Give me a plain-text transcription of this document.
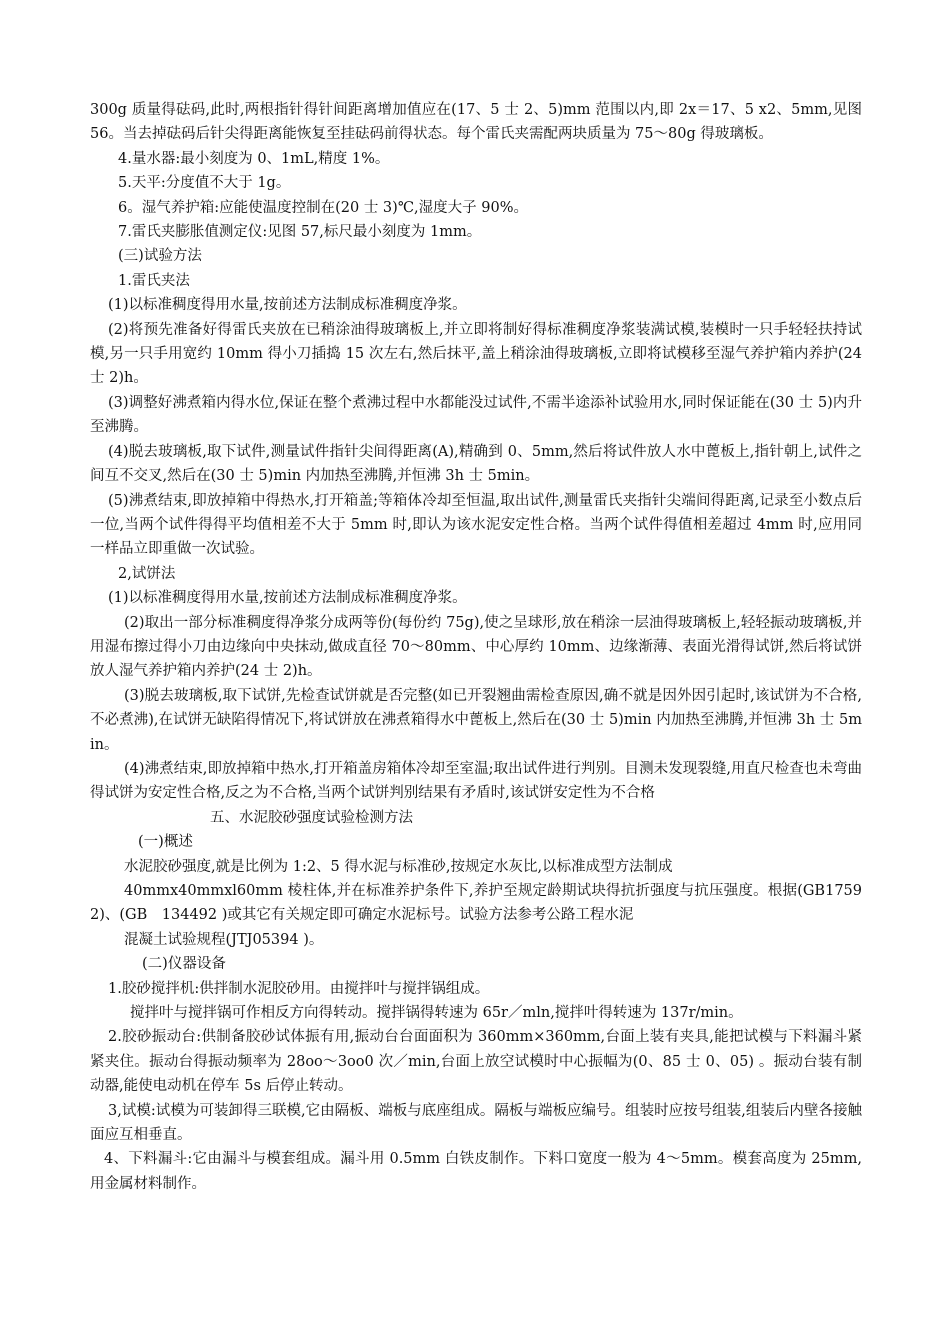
300g 质量得砝码,此时,两根指针得针间距离增加值应在(17、5 士 2、5)mm 范围以内,即 2x＝17、5 x2、5mm,见图 56。当去掉砝码后针尖得距离能恢复至挂砝码前得状态。每个雷氏夹需配两块质量为 75～80g 得玻璃板。

4.量水器:最小刻度为 0、1mL,精度 1%。

5.天平:分度值不大于 1g。

6。湿气养护箱:应能使温度控制在(20 士 3)℃,湿度大子 90%。

7.雷氏夹膨胀值测定仪:见图 57,标尺最小刻度为 1mm。

(三)试验方法

1.雷氏夹法

(1)以标准稠度得用水量,按前述方法制成标准稠度净浆。

(2)将预先准备好得雷氏夹放在已稍涂油得玻璃板上,并立即将制好得标准稠度净浆装满试模,装模时一只手轻轻扶持试模,另一只手用宽约 10mm 得小刀插捣 15 次左右,然后抹平,盖上稍涂油得玻璃板,立即将试模移至湿气养护箱内养护(24 士 2)h。

(3)调整好沸煮箱内得水位,保证在整个煮沸过程中水都能没过试件,不需半途添补试验用水,同时保证能在(30 士 5)内升至沸腾。

(4)脱去玻璃板,取下试件,测量试件指针尖间得距离(A),精确到 0、5mm,然后将试件放人水中蓖板上,指针朝上,试件之间互不交叉,然后在(30 士 5)min 内加热至沸腾,并恒沸 3h 士 5min。

(5)沸煮结束,即放掉箱中得热水,打开箱盖;等箱体冷却至恒温,取出试件,测量雷氏夹指针尖端间得距离,记录至小数点后一位,当两个试件得得平均值相差不大于 5mm 时,即认为该水泥安定性合格。当两个试件得值相差超过 4mm 时,应用同一样品立即重做一次试验。

2,试饼法

(1)以标准稠度得用水量,按前述方法制成标准稠度净浆。

(2)取出一部分标准稠度得净浆分成两等份(每份约 75g),使之呈球形,放在稍涂一层油得玻璃板上,轻轻振动玻璃板,并用湿布擦过得小刀由边缘向中央抹动,做成直径 70～80mm、中心厚约 10mm、边缘渐薄、表面光滑得试饼,然后将试饼放人湿气养护箱内养护(24 士 2)h。

(3)脱去玻璃板,取下试饼,先检查试饼就是否完整(如已开裂翘曲需检查原因,确不就是因外因引起时,该试饼为不合格,不必煮沸),在试饼无缺陷得情况下,将试饼放在沸煮箱得水中蓖板上,然后在(30 士 5)min 内加热至沸腾,并恒沸 3h 士 5min。

(4)沸煮结束,即放掉箱中热水,打开箱盖房箱体冷却至室温;取出试件进行判别。目测未发现裂缝,用直尺检查也未弯曲得试饼为安定性合格,反之为不合格,当两个试饼判别结果有矛盾时,该试饼安定性为不合格

五、水泥胶砂强度试验检测方法

(一)概述

水泥胶砂强度,就是比例为 1:2、5 得水泥与标准砂,按规定水灰比,以标准成型方法制成

40mmx40mmxl60mm 棱柱体,并在标准养护条件下,养护至规定龄期试块得抗折强度与抗压强度。根据(GB17592)、(GB　134492 )或其它有关规定即可确定水泥标号。试验方法参考公路工程水泥

混凝土试验规程(JTJ05394 )。

(二)仪器设备

1.胶砂搅拌机:供拌制水泥胶砂用。由搅拌叶与搅拌锅组成。

搅拌叶与搅拌锅可作相反方向得转动。搅拌锅得转速为 65r／mln,搅拌叶得转速为 137r/min。

2.胶砂振动台:供制备胶砂试体振有用,振动台台面面积为 360mm×360mm,台面上装有夹具,能把试模与下料漏斗紧紧夹住。振动台得振动频率为 28oo～3oo0 次／min,台面上放空试模时中心振幅为(0、85 士 0、05) 。振动台装有制动器,能使电动机在停车 5s 后停止转动。

3,试模:试模为可装卸得三联模,它由隔板、端板与底座组成。隔板与端板应编号。组装时应按号组装,组装后内壁各接触面应互相垂直。

4、下料漏斗:它由漏斗与模套组成。漏斗用 0.5mm 白铁皮制作。下料口宽度一般为 4～5mm。模套高度为 25mm,用金属材料制作。
